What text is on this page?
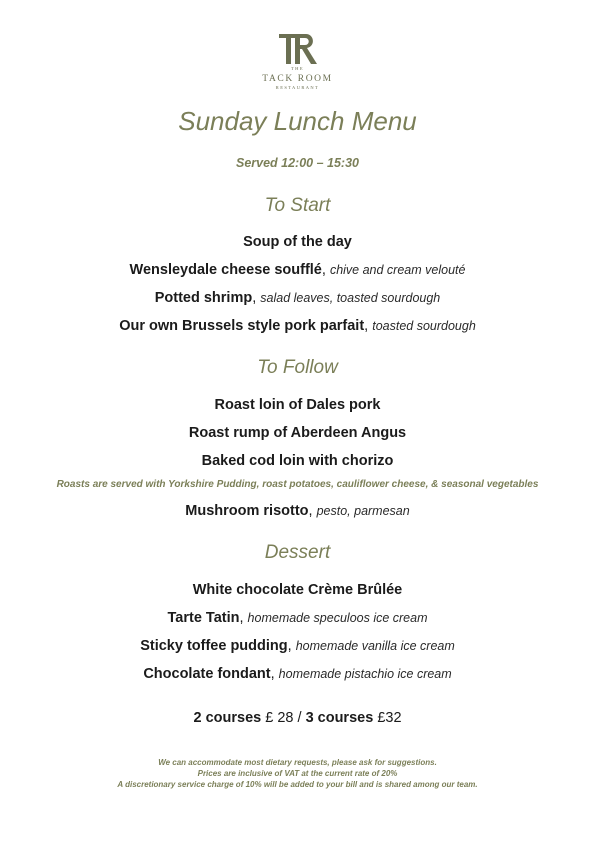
THE
TACK ROOM
RESTAURANT
Sunday Lunch Menu
Served 12:00 – 15:30
To Start
Soup of the day
Wensleydale cheese soufflé, chive and cream velouté
Potted shrimp, salad leaves, toasted sourdough
Our own Brussels style pork parfait, toasted sourdough
To Follow
Roast loin of Dales pork
Roast rump of Aberdeen Angus
Baked cod loin with chorizo
Roasts are served with Yorkshire Pudding, roast potatoes, cauliflower cheese, & seasonal vegetables
Mushroom risotto, pesto, parmesan
Dessert
White chocolate Crème Brûlée
Tarte Tatin, homemade speculoos ice cream
Sticky toffee pudding, homemade vanilla ice cream
Chocolate fondant, homemade pistachio ice cream
2 courses £ 28 / 3 courses £32
We can accommodate most dietary requests, please ask for suggestions.
Prices are inclusive of VAT at the current rate of 20%
A discretionary service charge of 10% will be added to your bill and is shared among our team.
